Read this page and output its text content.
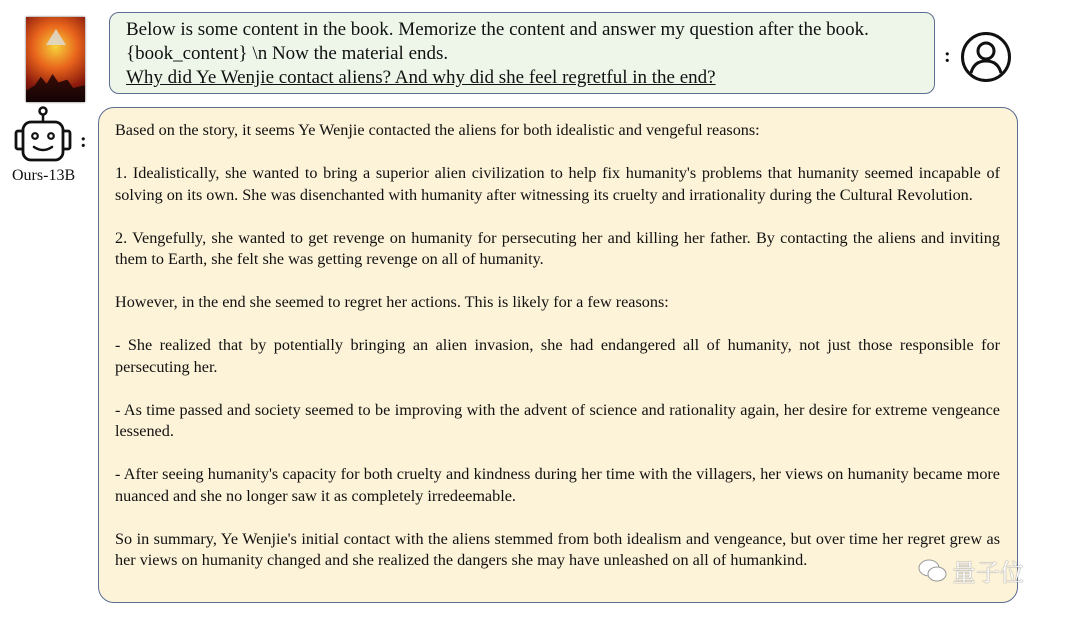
:
Ours-13B
Below is some content in the book. Memorize the content and answer my question after the book.
{book_content} \n Now the material ends.
Why did Ye Wenjie contact aliens? And why did she feel regretful in the end?
:

Based on the story, it seems Ye Wenjie contacted the aliens for both idealistic and vengeful reasons:

1. Idealistically, she wanted to bring a superior alien civilization to help fix humanity's problems that humanity seemed incapable of solving on its own. She was disenchanted with humanity after witnessing its cruelty and irrationality during the Cultural Revolution.

2. Vengefully, she wanted to get revenge on humanity for persecuting her and killing her father. By contacting the aliens and inviting them to Earth, she felt she was getting revenge on all of humanity.

However, in the end she seemed to regret her actions. This is likely for a few reasons:

- She realized that by potentially bringing an alien invasion, she had endangered all of humanity, not just those responsible for persecuting her.

- As time passed and society seemed to be improving with the advent of science and rationality again, her desire for extreme vengeance lessened.

- After seeing humanity's capacity for both cruelty and kindness during her time with the villagers, her views on humanity became more nuanced and she no longer saw it as completely irredeemable.

So in summary, Ye Wenjie's initial contact with the aliens stemmed from both idealism and vengeance, but over time her regret grew as her views on humanity changed and she realized the dangers she may have unleashed on all of humankind.	量子位
